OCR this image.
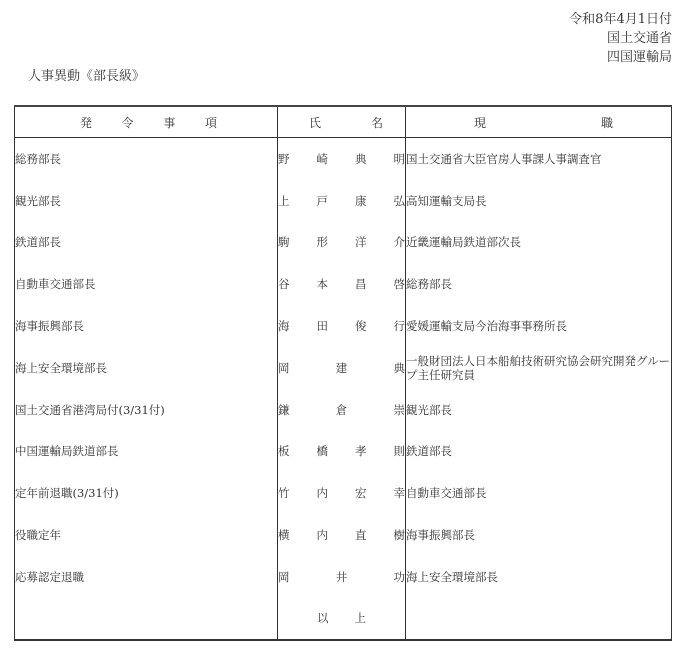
令和8年4月1日付
国土交通省
四国運輸局
人事異動《部長級》
発 令 事 項	氏 名	現 職

総務部長	野 崎 典 明	国土交通省大臣官房人事課人事調査官
観光部長	上 戸 康 弘	高知運輸支局長
鉄道部長	駒 形 洋 介	近畿運輸局鉄道部次長
自動車交通部長	谷 本 昌 啓	総務部長
海事振興部長	海 田 俊 行	愛媛運輸支局今治海事事務所長
海上安全環境部長	岡 建 典	一般財団法人日本船舶技術研究協会研究開発グループ主任研究員
国土交通省港湾局付(3/31付)	鎌 倉 崇	観光部長
中国運輸局鉄道部長	板 橋 孝 則	鉄道部長
定年前退職(3/31付)	竹 内 宏 幸	自動車交通部長
役職定年	横 内 直 樹	海事振興部長
応募認定退職	岡 井 功	海上安全環境部長

	以 上	
